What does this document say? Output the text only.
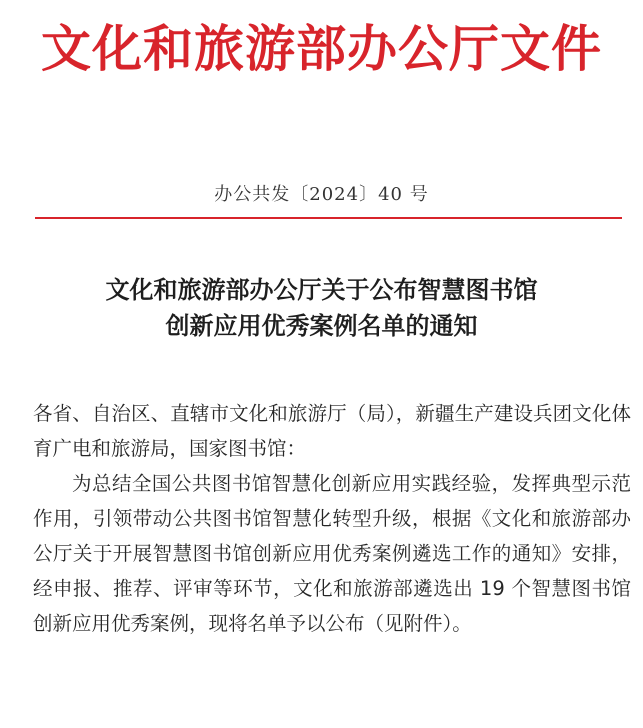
文化和旅游部办公厅文件
办公共发〔2024〕40 号
文化和旅游部办公厅关于公布智慧图书馆
创新应用优秀案例名单的通知

各省、自治区、直辖市文化和旅游厅（局），新疆生产建设兵团文化体育广电和旅游局，国家图书馆：

为总结全国公共图书馆智慧化创新应用实践经验，发挥典型示范作用，引领带动公共图书馆智慧化转型升级，根据《文化和旅游部办公厅关于开展智慧图书馆创新应用优秀案例遴选工作的通知》安排，经申报、推荐、评审等环节，文化和旅游部遴选出 19 个智慧图书馆创新应用优秀案例，现将名单予以公布（见附件）。
